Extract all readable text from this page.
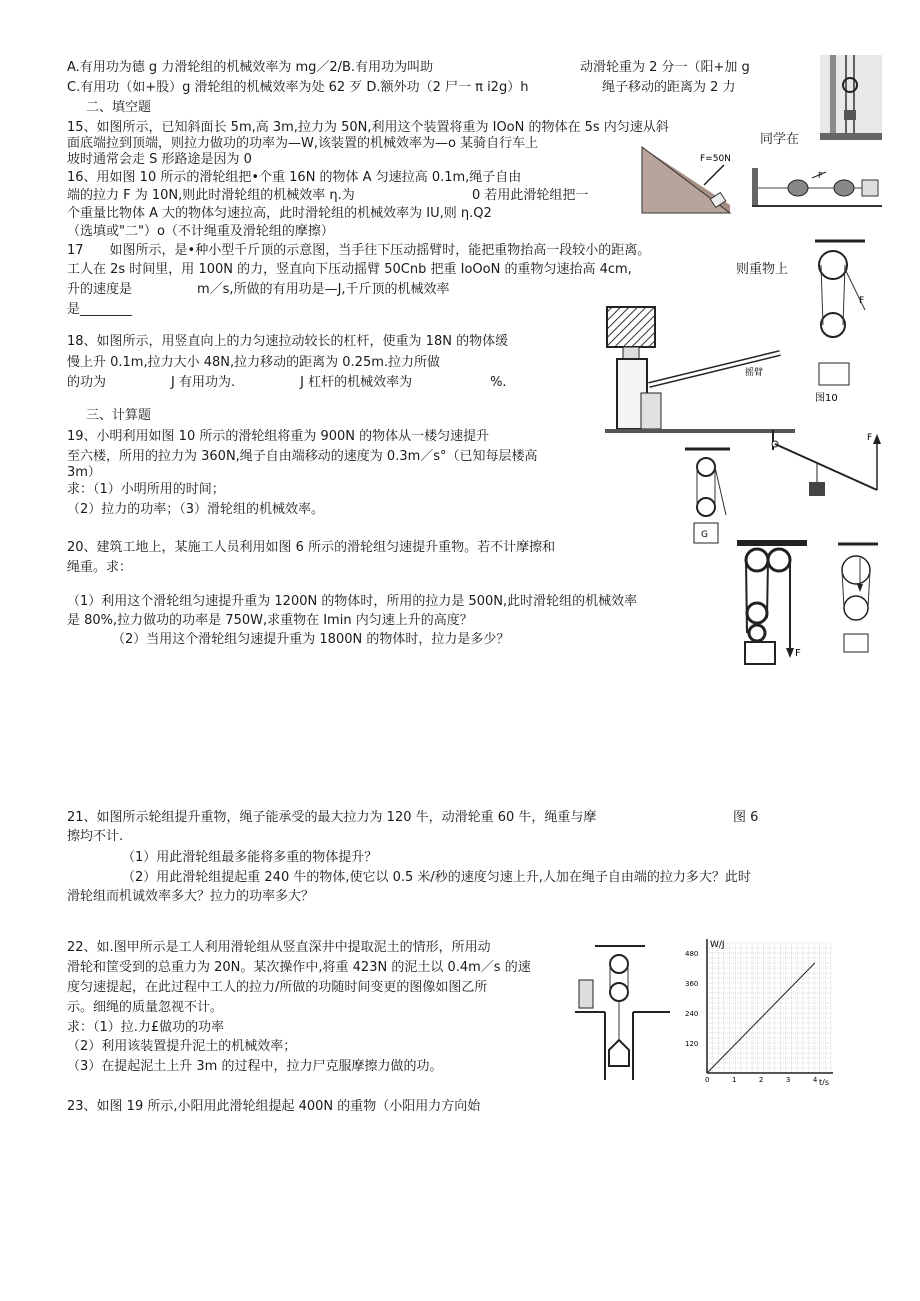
A.有用功为德 g 力滑轮组的机械效率为 mg／2/B.有用功为叫助	动滑轮重为 2 分一（阳+加 g
C.有用功（如+股）g 滑轮组的机械效率为处 62 歹 D.额外功（2 尸一 π i2g）h	绳子移动的距离为 2 力
二、填空题
15、如图所示，已知斜面长 5m,高 3m,拉力为 50N,利用这个装置将重为 IOoN 的物体在 5s 内匀速从斜
面底端拉到顶端，则拉力做功的功率为—W,该装置的机械效率为—o 某骑自行车上	同学在
坡时通常会走 S 形路途是因为 0
16、用如图 10 所示的滑轮组把•个重 16N 的物体 A 匀速拉高 0.1m,绳子自由
端的拉力 F 为 10N,则此时滑轮组的机械效率 η.为	0 若用此滑轮组把一
个重量比物体 A 大的物体匀速拉高，此时滑轮组的机械效率为 IU,则 η.Q2
（选填或"二"）o（不计绳重及滑轮组的摩擦）
17　　如图所示，是•种小型千斤顶的示意图，当手往下压动摇臂时，能把重物抬高一段较小的距离。
工人在 2s 时间里，用 100N 的力，竖直向下压动摇臂 50Cnb 把重 IoOoN 的重物匀速抬高 4cm,	则重物上
升的速度是　　　　　m／s,所做的有用功是—J,千斤顶的机械效率
是________
18、如图所示，用竖直向上的力匀速拉动较长的杠杆，使重为 18N 的物体缓
慢上升 0.1m,拉力大小 48N,拉力移动的距离为 0.25m.拉力所做
的功为　　　　　J 有用功为.　　　　　J 杠杆的机械效率为　　　　　　%.
三、计算题
19、小明利用如图 10 所示的滑轮组将重为 900N 的物体从一楼匀速提升
至六楼，所用的拉力为 360N,绳子自由端移动的速度为 0.3m／s°（已知每层楼高
3m）
求：（1）小明所用的时间；
（2）拉力的功率；（3）滑轮组的机械效率。
20、建筑工地上，某施工人员利用如图 6 所示的滑轮组匀速提升重物。若不计摩擦和
绳重。求：
（1）利用这个滑轮组匀速提升重为 1200N 的物体时，所用的拉力是 500N,此时滑轮组的机械效率
是 80%,拉力做功的功率是 750W,求重物在 Imin 内匀速上升的高度？
（2）当用这个滑轮组匀速提升重为 1800N 的物体时，拉力是多少？
21、如图所示轮组提升重物，绳子能承受的最大拉力为 120 牛，动滑轮重 60 牛，绳重与摩	图 6
擦均不计.
（1）用此滑轮组最多能将多重的物体提升？
（2）用此滑轮组提起重 240 牛的物体,使它以 0.5 米/秒的速度匀速上升,人加在绳子自由端的拉力多大？此时
滑轮组而机诚效率多大？拉力的功率多大？
22、如.图甲所示是工人利用滑轮组从竖直深井中提取泥土的情形，所用动
滑轮和筐受到的总重力为 20N。某次操作中,将重 423N 的泥土以 0.4m／s 的速
度匀速提起，在此过程中工人的拉力/所做的功随时间变更的图像如图乙所
示。细绳的质量忽视不计。
求：（1）拉.力£做功的功率
（2）利用该装置提升泥土的机械效率；
（3）在提起泥土上升 3m 的过程中，拉力尸克服摩擦力做的功。
23、如图 19 所示,小阳用此滑轮组提起 400N 的重物（小阳用力方向始
F=50N
F
摇臂
F
图10
F
G
F
W/J
t/s
120
240
360
480
0	1	2	3	4
